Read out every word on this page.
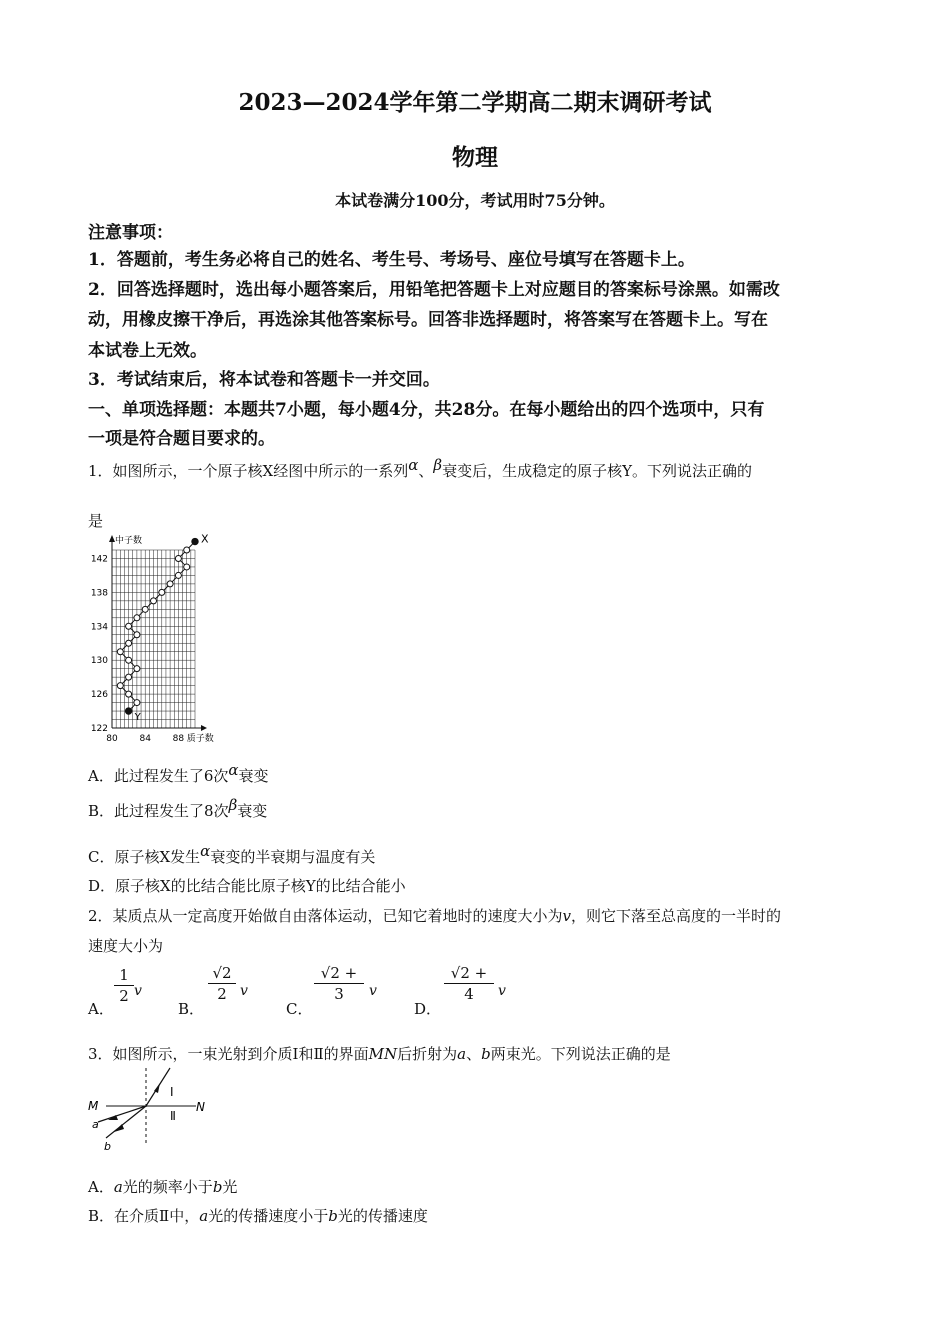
2023—2024学年第二学期高二期末调研考试
物理
本试卷满分100分，考试用时75分钟。
注意事项：
1．答题前，考生务必将自己的姓名、考生号、考场号、座位号填写在答题卡上。
2．回答选择题时，选出每小题答案后，用铅笔把答题卡上对应题目的答案标号涂黑。如需改
动，用橡皮擦干净后，再选涂其他答案标号。回答非选择题时，将答案写在答题卡上。写在
本试卷上无效。
3．考试结束后，将本试卷和答题卡一并交回。
一、单项选择题：本题共7小题，每小题4分，共28分。在每小题给出的四个选项中，只有
一项是符合题目要求的。
1．如图所示，一个原子核X经图中所示的一系列α、β衰变后，生成稳定的原子核Y。下列说法正确的
是
122
126
130
134
138
142
80 84 88
中子数
质子数
X
Y
A．此过程发生了6次α衰变
B．此过程发生了8次β衰变
C．原子核X发生α衰变的半衰期与温度有关
D．原子核X的比结合能比原子核Y的比结合能小
2．某质点从一定高度开始做自由落体运动，已知它着地时的速度大小为v，则它下落至总高度的一半时的
速度大小为
A．	B．	C．	D．
1
2 v
√2
2 v
√2 +
3	v
√2 +
4	v
3．如图所示，一束光射到介质Ⅰ和Ⅱ的界面MN后折射为a、b两束光。下列说法正确的是
M	N
Ⅰ
Ⅱ
a
b
A．a光的频率小于b光
B．在介质Ⅱ中，a光的传播速度小于b光的传播速度
